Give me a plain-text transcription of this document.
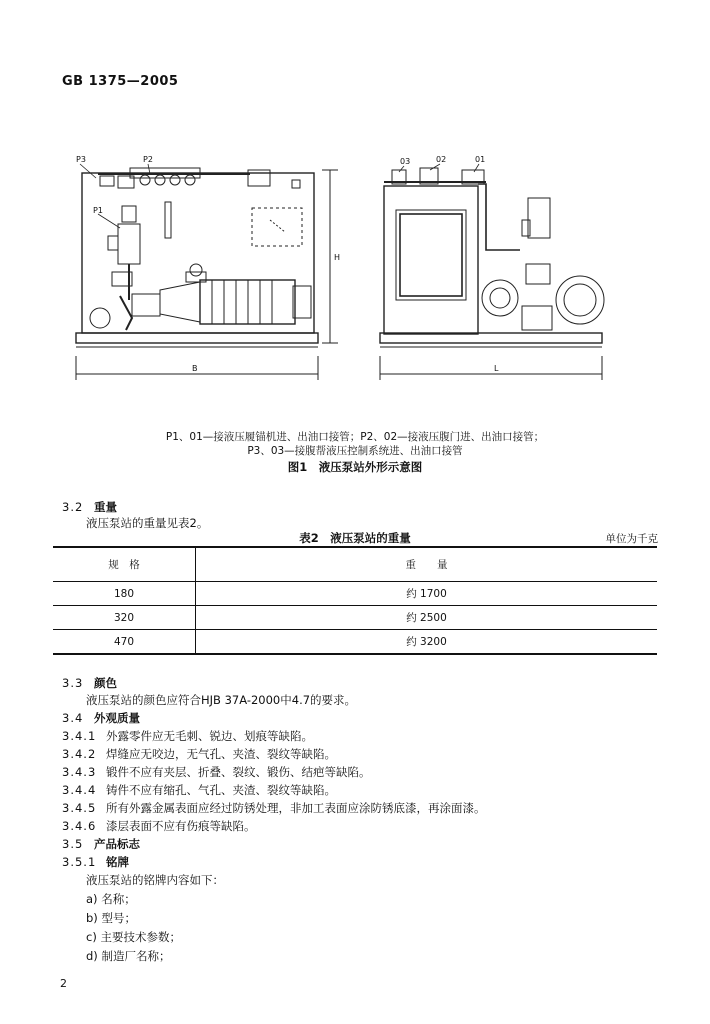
GB 1375—2005
P3	P2
P1
03	02	01
H
B	L
P1、01—接液压履锚机进、出油口接管；P2、02—接液压腹门进、出油口接管；
P3、03—接腹帮液压控制系统进、出油口接管
图1　液压泵站外形示意图
3.2 重量
液压泵站的重量见表2。
表2　液压泵站的重量	单位为千克
规　格	重　　量
180	约 1700
320	约 2500
470	约 3200
3.3 颜色
液压泵站的颜色应符合HJB 37A-2000中4.7的要求。
3.4 外观质量
3.4.1 外露零件应无毛刺、锐边、划痕等缺陷。
3.4.2 焊缝应无咬边，无气孔、夹渣、裂纹等缺陷。
3.4.3 锻件不应有夹层、折叠、裂纹、锻伤、结疤等缺陷。
3.4.4 铸件不应有缩孔、气孔、夹渣、裂纹等缺陷。
3.4.5 所有外露金属表面应经过防锈处理，非加工表面应涂防锈底漆，再涂面漆。
3.4.6 漆层表面不应有伤痕等缺陷。
3.5 产品标志
3.5.1 铭牌
液压泵站的铭牌内容如下：
a) 名称；
b) 型号；
c) 主要技术参数；
d) 制造厂名称；
2
